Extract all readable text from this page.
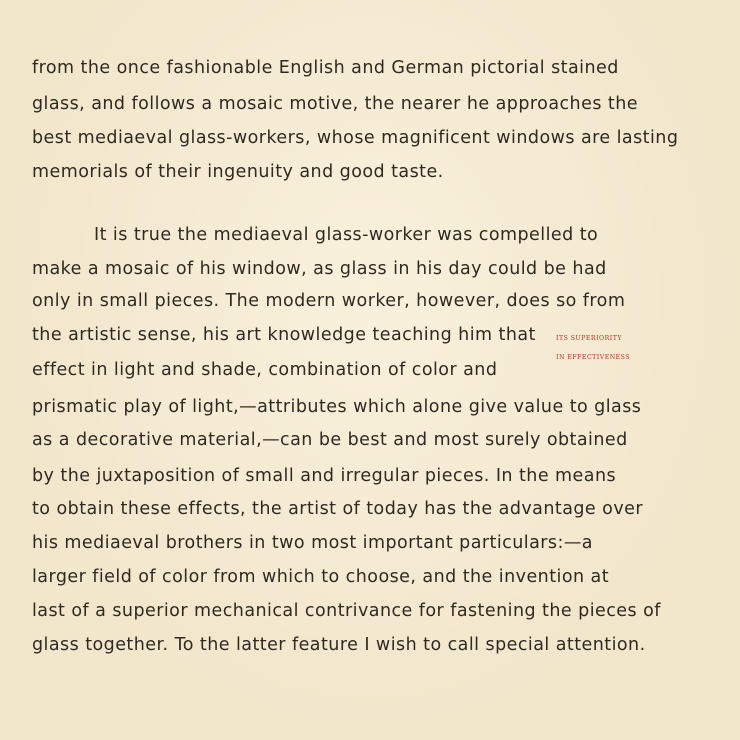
from the once fashionable English and German pictorial stained
glass, and follows a mosaic motive, the nearer he approaches the
best mediaeval glass-workers, whose magnificent windows are lasting
memorials of their ingenuity and good taste.
It is true the mediaeval glass-worker was compelled to
make a mosaic of his window, as glass in his day could be had
only in small pieces. The modern worker, however, does so from
the artistic sense, his art knowledge teaching him that
effect in light and shade, combination of color and
prismatic play of light,—attributes which alone give value to glass
as a decorative material,—can be best and most surely obtained
by the juxtaposition of small and irregular pieces. In the means
to obtain these effects, the artist of today has the advantage over
his mediaeval brothers in two most important particulars:—a
larger field of color from which to choose, and the invention at
last of a superior mechanical contrivance for fastening the pieces of
glass together. To the latter feature I wish to call special attention.
ITS SUPERIORITY
IN EFFECTIVENESS
